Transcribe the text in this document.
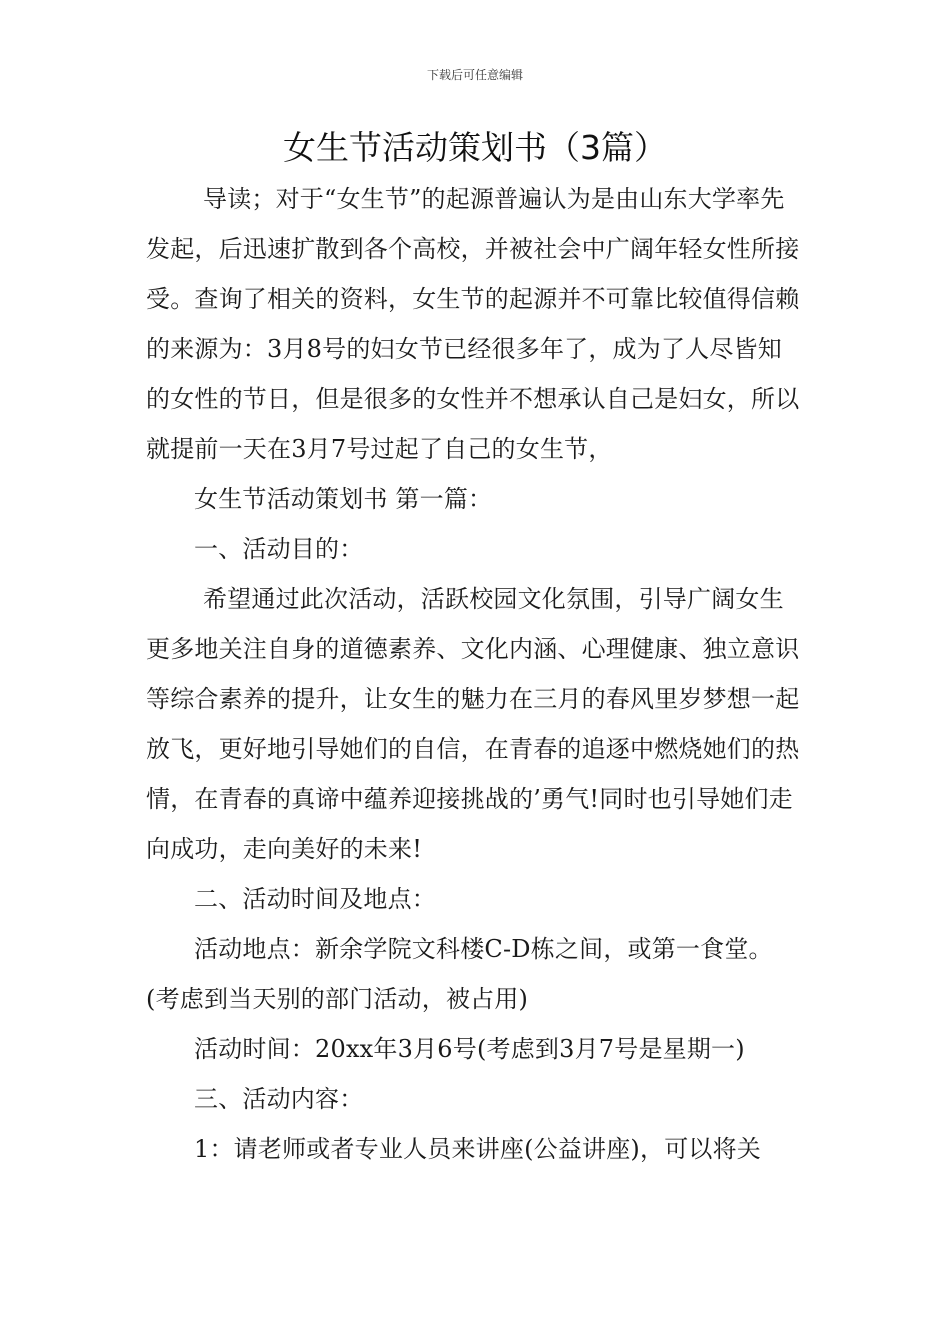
下载后可任意编辑
女生节活动策划书（3篇）

导读；对于“女生节”的起源普遍认为是由山东大学率先发起，后迅速扩散到各个高校，并被社会中广阔年轻女性所接受。查询了相关的资料，女生节的起源并不可靠比较值得信赖的来源为：3月8号的妇女节已经很多年了，成为了人尽皆知的女性的节日，但是很多的女性并不想承认自己是妇女，所以就提前一天在3月7号过起了自己的女生节，

女生节活动策划书 第一篇：

一、活动目的：

希望通过此次活动，活跃校园文化氛围，引导广阔女生更多地关注自身的道德素养、文化内涵、心理健康、独立意识等综合素养的提升，让女生的魅力在三月的春风里岁梦想一起放飞，更好地引导她们的自信，在青春的追逐中燃烧她们的热情，在青春的真谛中蕴养迎接挑战的’勇气!同时也引导她们走向成功，走向美好的未来!

二、活动时间及地点：

活动地点：新余学院文科楼C-D栋之间，或第一食堂。(考虑到当天别的部门活动，被占用)

活动时间：20xx年3月6号(考虑到3月7号是星期一)

三、活动内容：

1：请老师或者专业人员来讲座(公益讲座)，可以将关
